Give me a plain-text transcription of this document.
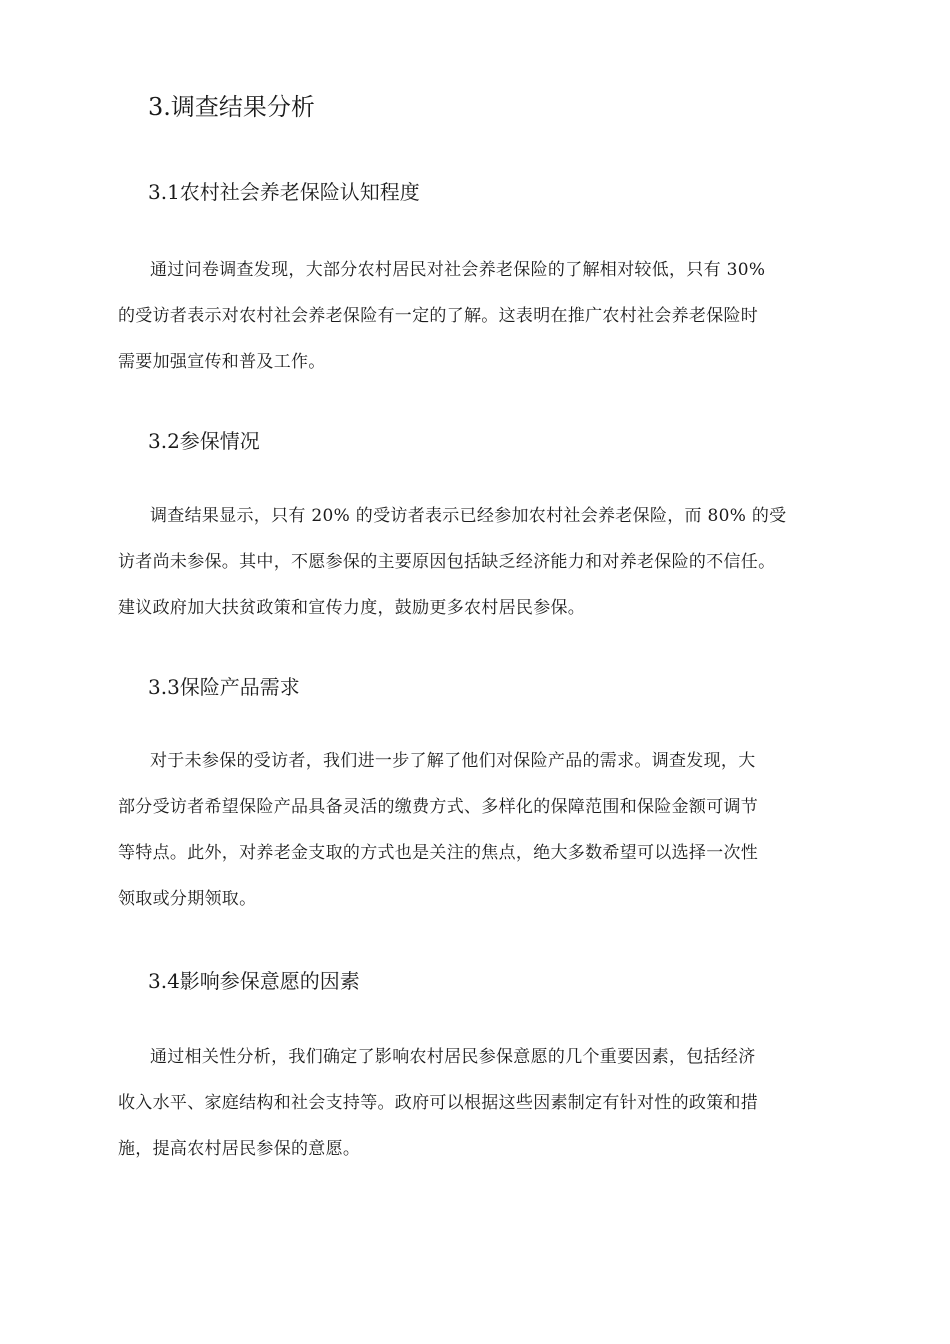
3.调查结果分析
3.1农村社会养老保险认知程度
通过问卷调查发现，大部分农村居民对社会养老保险的了解相对较低，只有 30%
的受访者表示对农村社会养老保险有一定的了解。这表明在推广农村社会养老保险时
需要加强宣传和普及工作。
3.2参保情况
调查结果显示，只有 20% 的受访者表示已经参加农村社会养老保险，而 80% 的受
访者尚未参保。其中，不愿参保的主要原因包括缺乏经济能力和对养老保险的不信任。
建议政府加大扶贫政策和宣传力度，鼓励更多农村居民参保。
3.3保险产品需求
对于未参保的受访者，我们进一步了解了他们对保险产品的需求。调查发现，大
部分受访者希望保险产品具备灵活的缴费方式、多样化的保障范围和保险金额可调节
等特点。此外，对养老金支取的方式也是关注的焦点，绝大多数希望可以选择一次性
领取或分期领取。
3.4影响参保意愿的因素
通过相关性分析，我们确定了影响农村居民参保意愿的几个重要因素，包括经济
收入水平、家庭结构和社会支持等。政府可以根据这些因素制定有针对性的政策和措
施，提高农村居民参保的意愿。
